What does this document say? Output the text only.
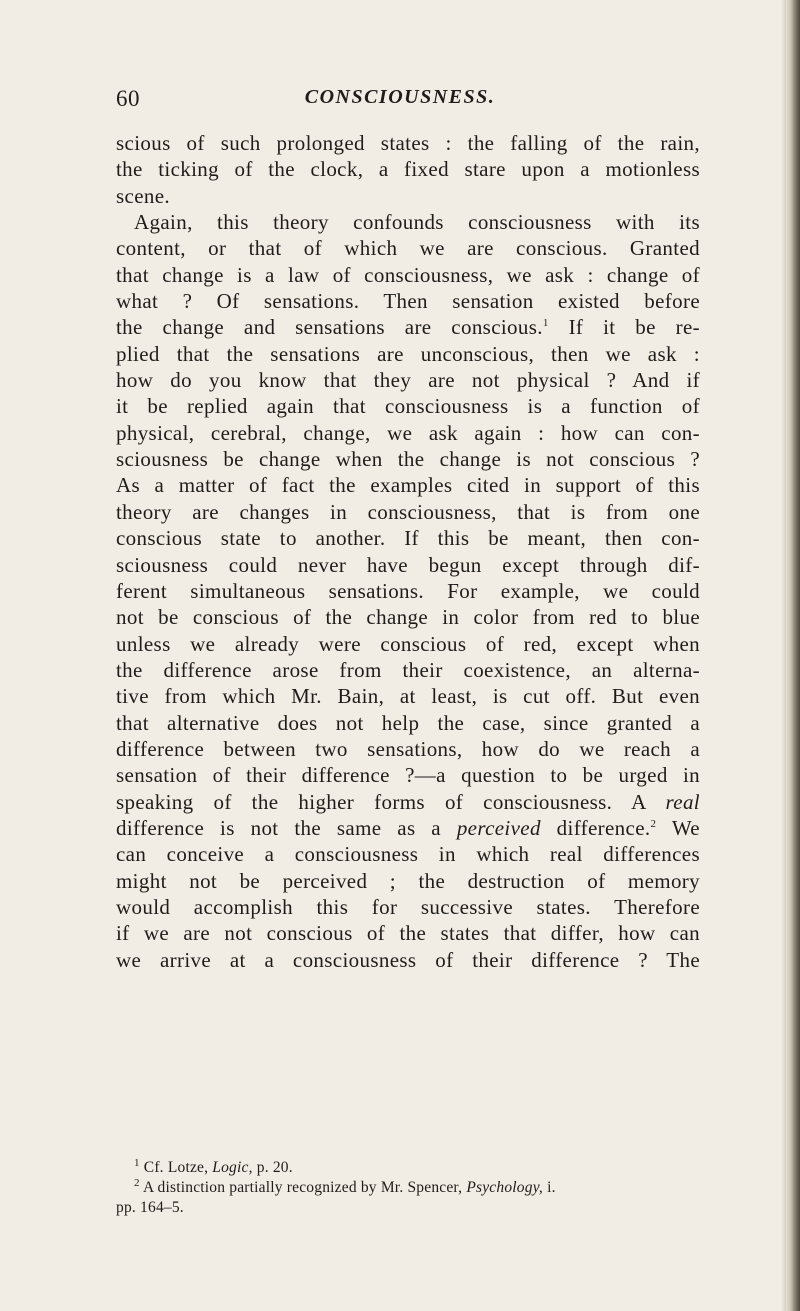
60	CONSCIOUSNESS.
scious of such prolonged states : the falling of the rain,
the ticking of the clock, a fixed stare upon a motionless
scene.
Again, this theory confounds consciousness with its
content, or that of which we are conscious. Granted
that change is a law of consciousness, we ask : change of
what ? Of sensations. Then sensation existed before
the change and sensations are conscious.$^1$ If it be re-
plied that the sensations are unconscious, then we ask :
how do you know that they are not physical ? And if
it be replied again that consciousness is a function of
physical, cerebral, change, we ask again : how can con-
sciousness be change when the change is not conscious ?
As a matter of fact the examples cited in support of this
theory are changes in consciousness, that is from one
conscious state to another. If this be meant, then con-
sciousness could never have begun except through dif-
ferent simultaneous sensations. For example, we could
not be conscious of the change in color from red to blue
unless we already were conscious of red, except when
the difference arose from their coexistence, an alterna-
tive from which Mr. Bain, at least, is cut off. But even
that alternative does not help the case, since granted a
difference between two sensations, how do we reach a
sensation of their difference ?—a question to be urged in
speaking of the higher forms of consciousness. A real
difference is not the same as a perceived difference.$^2$ We
can conceive a consciousness in which real differences
might not be perceived ; the destruction of memory
would accomplish this for successive states. Therefore
if we are not conscious of the states that differ, how can
we arrive at a consciousness of their difference ? The
$^1$ Cf. Lotze, Logic, p. 20.
$^2$ A distinction partially recognized by Mr. Spencer, Psychology, i.
pp. 164–5.
